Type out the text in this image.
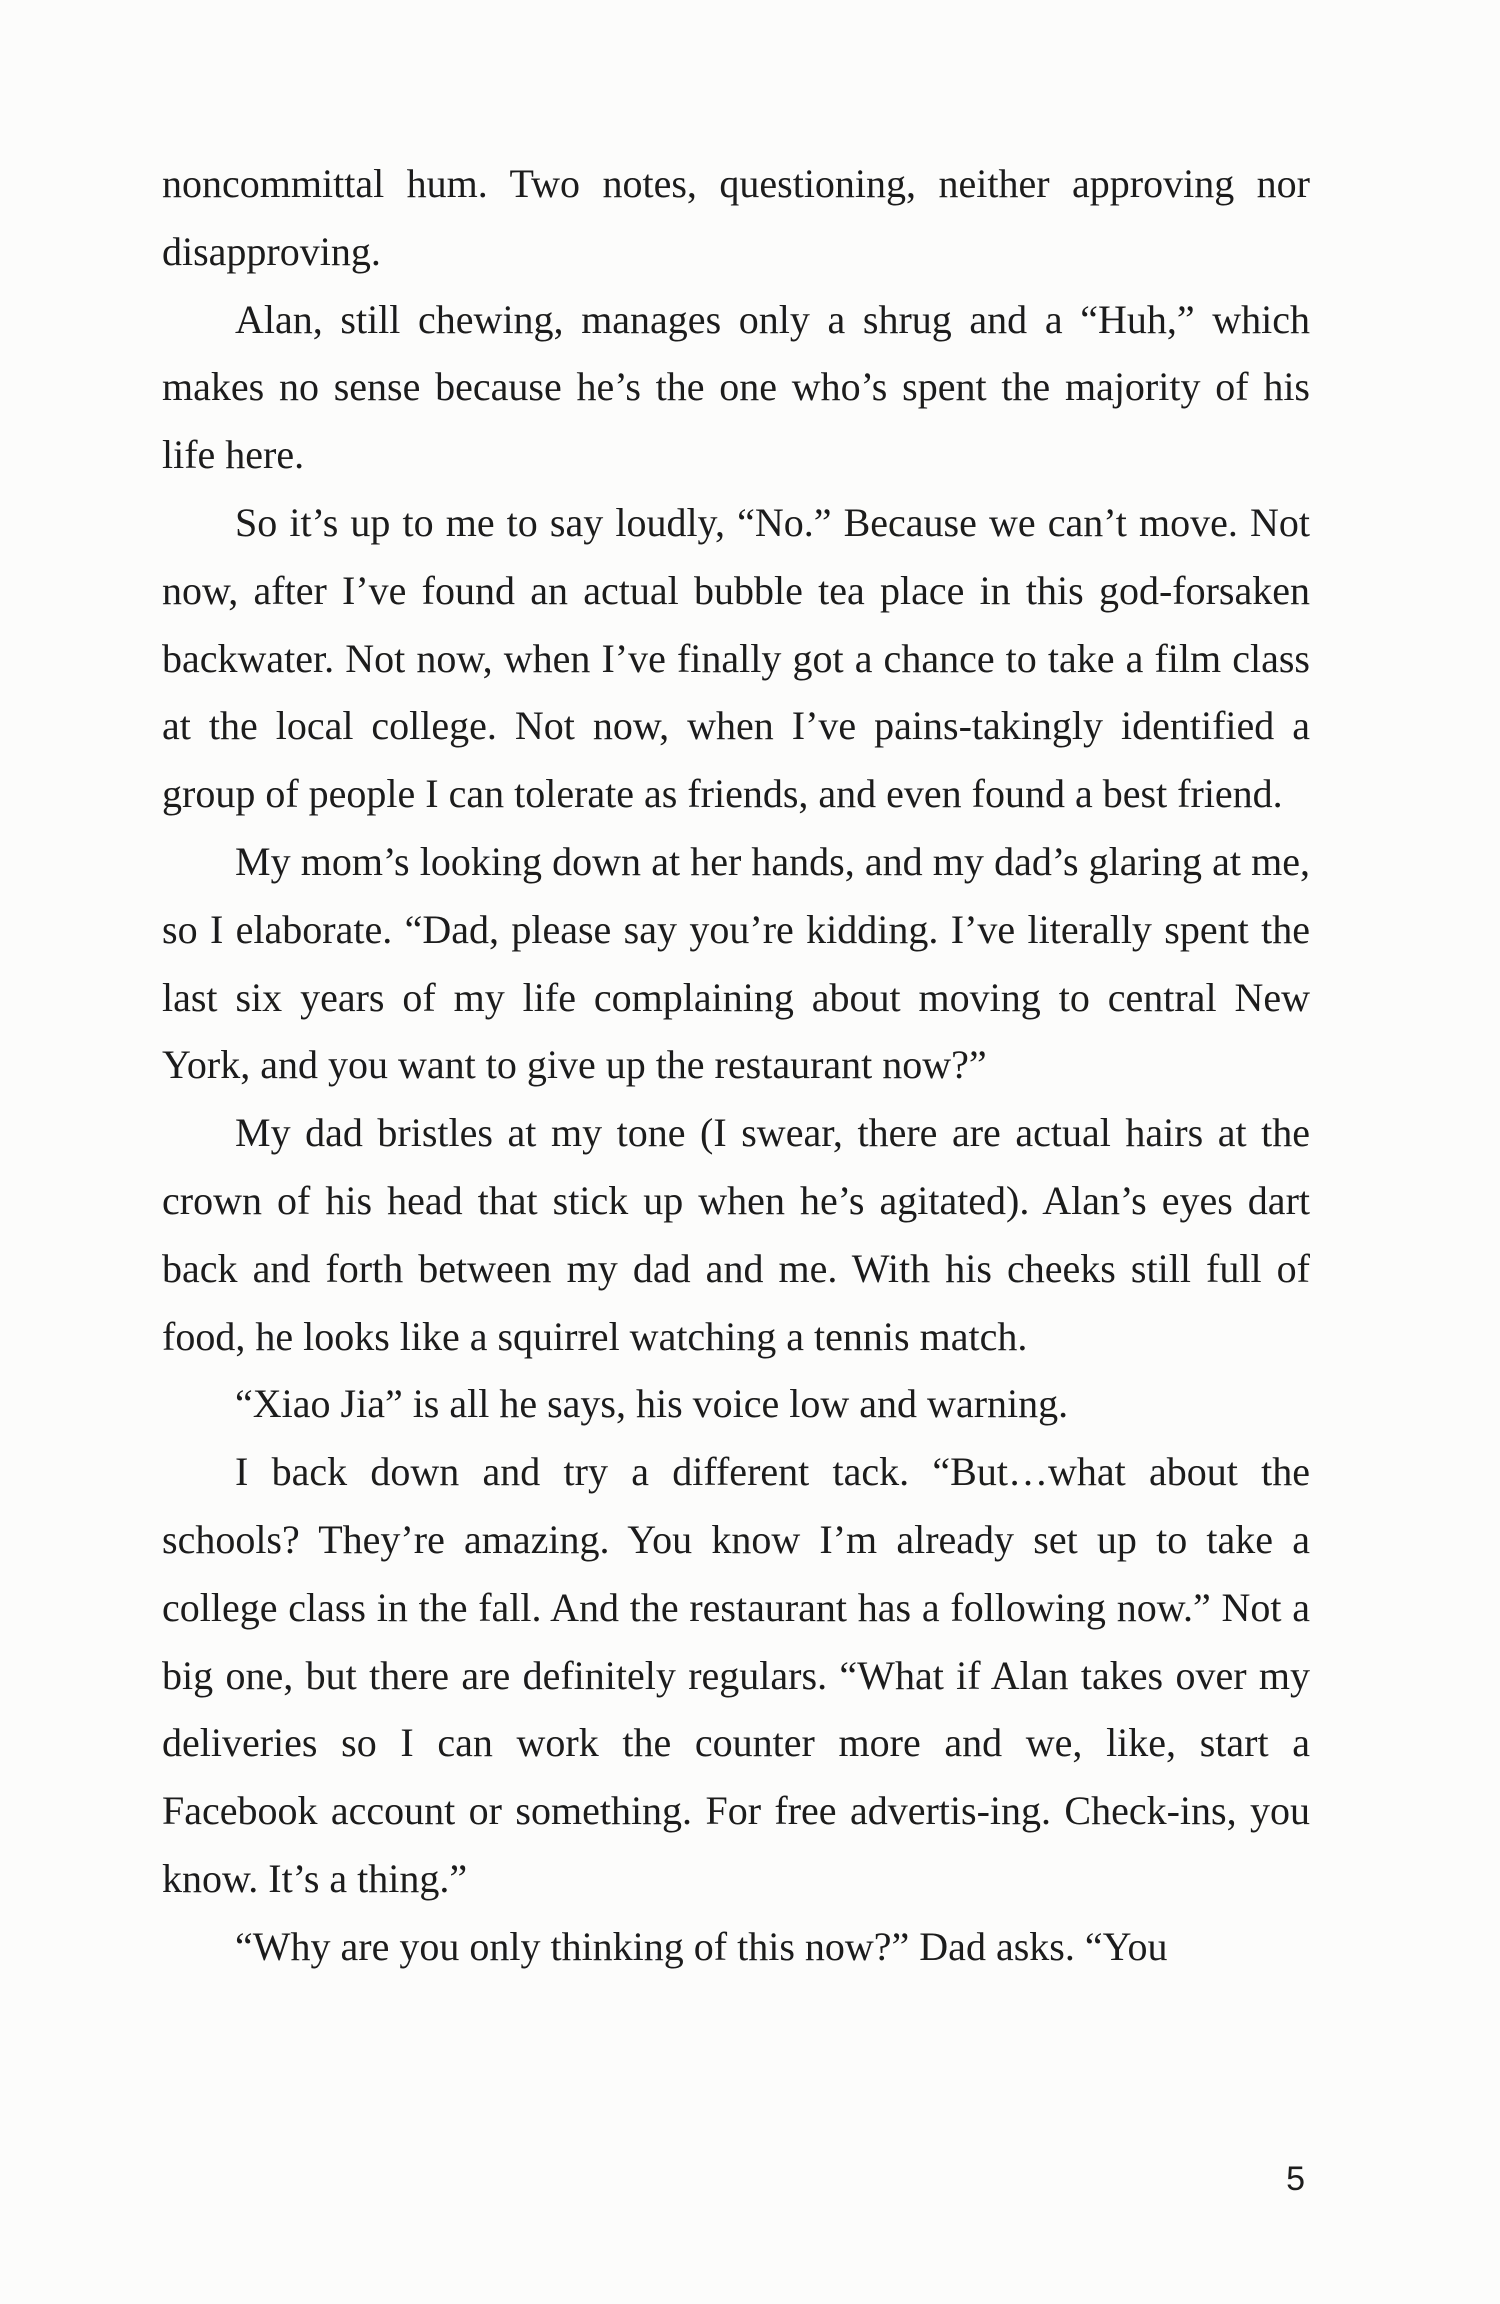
noncommittal hum. Two notes, questioning, neither approving nor disapproving.

Alan, still chewing, manages only a shrug and a “Huh,” which makes no sense because he’s the one who’s spent the majority of his life here.

So it’s up to me to say loudly, “No.” Because we can’t move. Not now, after I’ve found an actual bubble tea place in this god-forsaken backwater. Not now, when I’ve finally got a chance to take a film class at the local college. Not now, when I’ve pains-takingly identified a group of people I can tolerate as friends, and even found a best friend.

My mom’s looking down at her hands, and my dad’s glaring at me, so I elaborate. “Dad, please say you’re kidding. I’ve literally spent the last six years of my life complaining about moving to central New York, and you want to give up the restaurant now?”

My dad bristles at my tone (I swear, there are actual hairs at the crown of his head that stick up when he’s agitated). Alan’s eyes dart back and forth between my dad and me. With his cheeks still full of food, he looks like a squirrel watching a tennis match.

“Xiao Jia” is all he says, his voice low and warning.

I back down and try a different tack. “But…what about the schools? They’re amazing. You know I’m already set up to take a college class in the fall. And the restaurant has a following now.” Not a big one, but there are definitely regulars. “What if Alan takes over my deliveries so I can work the counter more and we, like, start a Facebook account or something. For free advertis-ing. Check-ins, you know. It’s a thing.”

“Why are you only thinking of this now?” Dad asks. “You

5
